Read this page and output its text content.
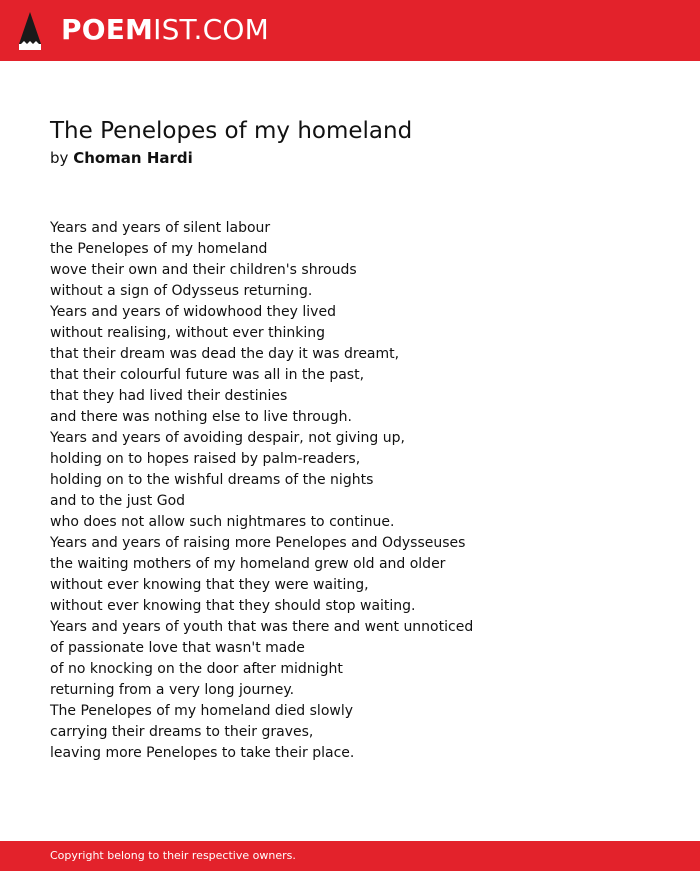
POEMIST.COM
The Penelopes of my homeland
by Choman Hardi
Years and years of silent labour
the Penelopes of my homeland
wove their own and their children's shrouds
without a sign of Odysseus returning.
Years and years of widowhood they lived
without realising, without ever thinking
that their dream was dead the day it was dreamt,
that their colourful future was all in the past,
that they had lived their destinies
and there was nothing else to live through.
Years and years of avoiding despair, not giving up,
holding on to hopes raised by palm-readers,
holding on to the wishful dreams of the nights
and to the just God
who does not allow such nightmares to continue.
Years and years of raising more Penelopes and Odysseuses
the waiting mothers of my homeland grew old and older
without ever knowing that they were waiting,
without ever knowing that they should stop waiting.
Years and years of youth that was there and went unnoticed
of passionate love that wasn't made
of no knocking on the door after midnight
returning from a very long journey.
The Penelopes of my homeland died slowly
carrying their dreams to their graves,
leaving more Penelopes to take their place.
Copyright belong to their respective owners.
